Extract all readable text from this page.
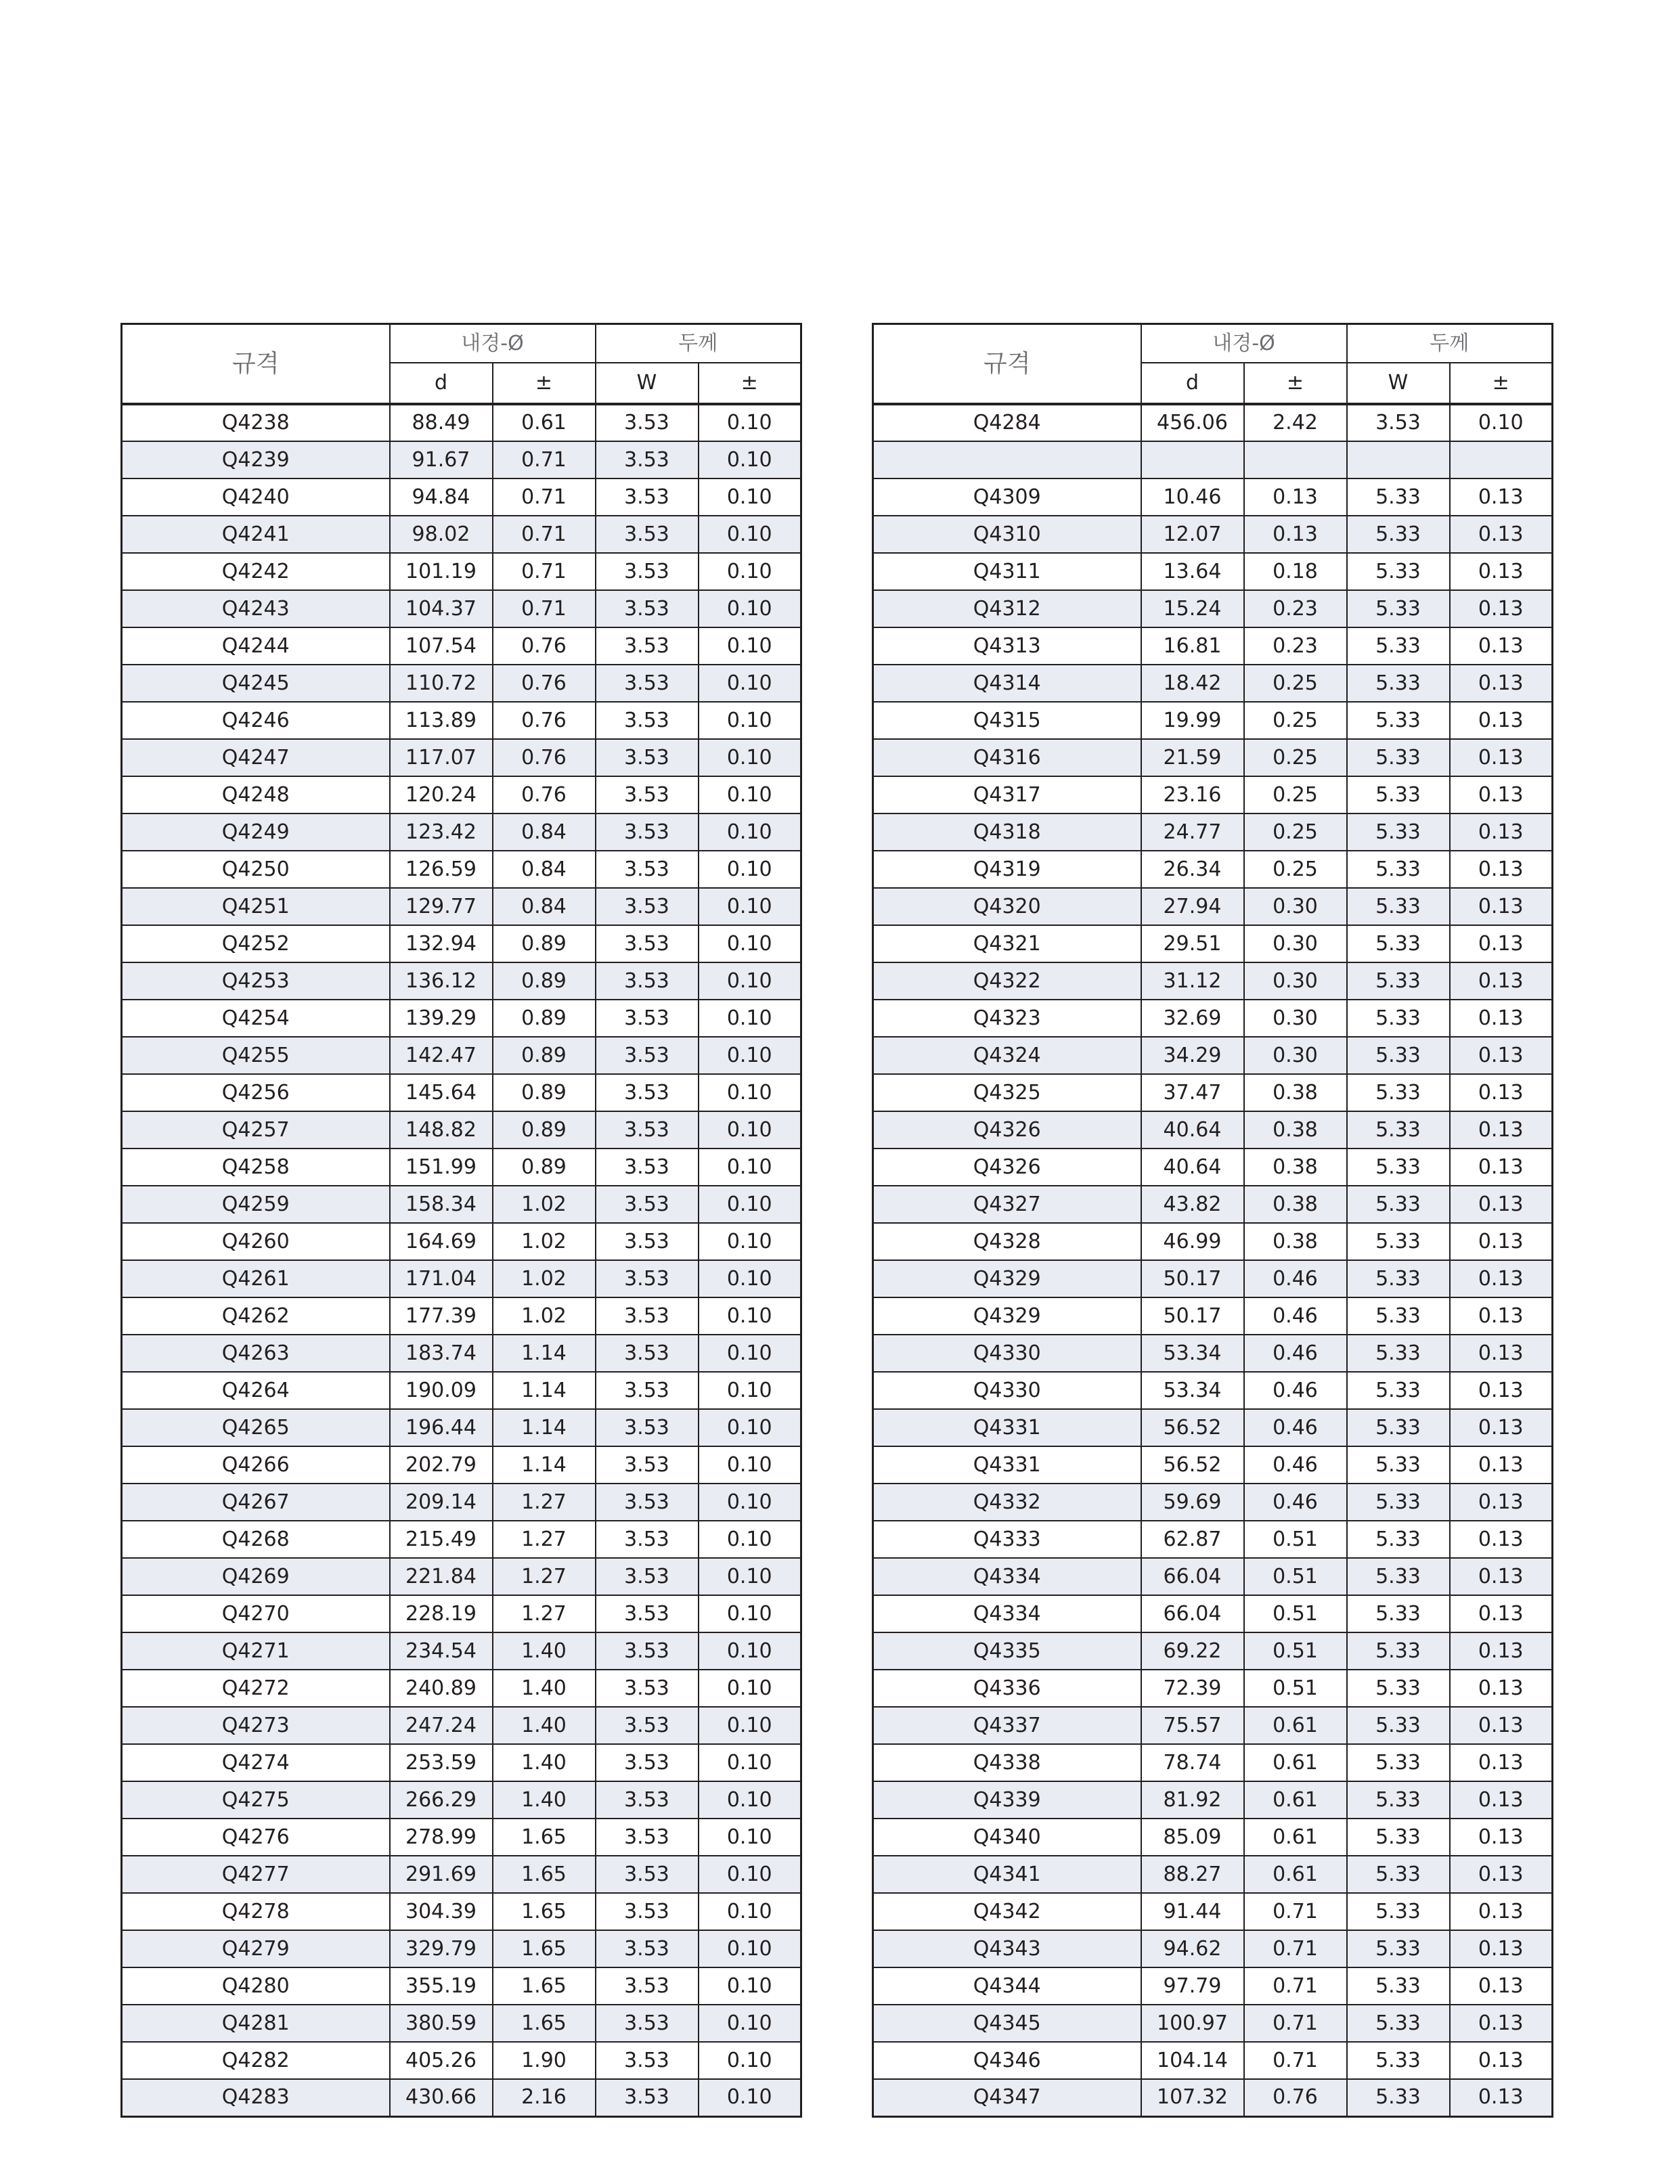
규격	내경-Ø		두께	
	d	±	W	±
Q4238	88.49	0.61	3.53	0.10
Q4239	91.67	0.71	3.53	0.10
Q4240	94.84	0.71	3.53	0.10
Q4241	98.02	0.71	3.53	0.10
Q4242	101.19	0.71	3.53	0.10
Q4243	104.37	0.71	3.53	0.10
Q4244	107.54	0.76	3.53	0.10
Q4245	110.72	0.76	3.53	0.10
Q4246	113.89	0.76	3.53	0.10
Q4247	117.07	0.76	3.53	0.10
Q4248	120.24	0.76	3.53	0.10
Q4249	123.42	0.84	3.53	0.10
Q4250	126.59	0.84	3.53	0.10
Q4251	129.77	0.84	3.53	0.10
Q4252	132.94	0.89	3.53	0.10
Q4253	136.12	0.89	3.53	0.10
Q4254	139.29	0.89	3.53	0.10
Q4255	142.47	0.89	3.53	0.10
Q4256	145.64	0.89	3.53	0.10
Q4257	148.82	0.89	3.53	0.10
Q4258	151.99	0.89	3.53	0.10
Q4259	158.34	1.02	3.53	0.10
Q4260	164.69	1.02	3.53	0.10
Q4261	171.04	1.02	3.53	0.10
Q4262	177.39	1.02	3.53	0.10
Q4263	183.74	1.14	3.53	0.10
Q4264	190.09	1.14	3.53	0.10
Q4265	196.44	1.14	3.53	0.10
Q4266	202.79	1.14	3.53	0.10
Q4267	209.14	1.27	3.53	0.10
Q4268	215.49	1.27	3.53	0.10
Q4269	221.84	1.27	3.53	0.10
Q4270	228.19	1.27	3.53	0.10
Q4271	234.54	1.40	3.53	0.10
Q4272	240.89	1.40	3.53	0.10
Q4273	247.24	1.40	3.53	0.10
Q4274	253.59	1.40	3.53	0.10
Q4275	266.29	1.40	3.53	0.10
Q4276	278.99	1.65	3.53	0.10
Q4277	291.69	1.65	3.53	0.10
Q4278	304.39	1.65	3.53	0.10
Q4279	329.79	1.65	3.53	0.10
Q4280	355.19	1.65	3.53	0.10
Q4281	380.59	1.65	3.53	0.10
Q4282	405.26	1.90	3.53	0.10
Q4283	430.66	2.16	3.53	0.10
규격	내경-Ø		두께	
	d	±	W	±
Q4284	456.06	2.42	3.53	0.10

Q4309	10.46	0.13	5.33	0.13
Q4310	12.07	0.13	5.33	0.13
Q4311	13.64	0.18	5.33	0.13
Q4312	15.24	0.23	5.33	0.13
Q4313	16.81	0.23	5.33	0.13
Q4314	18.42	0.25	5.33	0.13
Q4315	19.99	0.25	5.33	0.13
Q4316	21.59	0.25	5.33	0.13
Q4317	23.16	0.25	5.33	0.13
Q4318	24.77	0.25	5.33	0.13
Q4319	26.34	0.25	5.33	0.13
Q4320	27.94	0.30	5.33	0.13
Q4321	29.51	0.30	5.33	0.13
Q4322	31.12	0.30	5.33	0.13
Q4323	32.69	0.30	5.33	0.13
Q4324	34.29	0.30	5.33	0.13
Q4325	37.47	0.38	5.33	0.13
Q4326	40.64	0.38	5.33	0.13
Q4326	40.64	0.38	5.33	0.13
Q4327	43.82	0.38	5.33	0.13
Q4328	46.99	0.38	5.33	0.13
Q4329	50.17	0.46	5.33	0.13
Q4329	50.17	0.46	5.33	0.13
Q4330	53.34	0.46	5.33	0.13
Q4330	53.34	0.46	5.33	0.13
Q4331	56.52	0.46	5.33	0.13
Q4331	56.52	0.46	5.33	0.13
Q4332	59.69	0.46	5.33	0.13
Q4333	62.87	0.51	5.33	0.13
Q4334	66.04	0.51	5.33	0.13
Q4334	66.04	0.51	5.33	0.13
Q4335	69.22	0.51	5.33	0.13
Q4336	72.39	0.51	5.33	0.13
Q4337	75.57	0.61	5.33	0.13
Q4338	78.74	0.61	5.33	0.13
Q4339	81.92	0.61	5.33	0.13
Q4340	85.09	0.61	5.33	0.13
Q4341	88.27	0.61	5.33	0.13
Q4342	91.44	0.71	5.33	0.13
Q4343	94.62	0.71	5.33	0.13
Q4344	97.79	0.71	5.33	0.13
Q4345	100.97	0.71	5.33	0.13
Q4346	104.14	0.71	5.33	0.13
Q4347	107.32	0.76	5.33	0.13
